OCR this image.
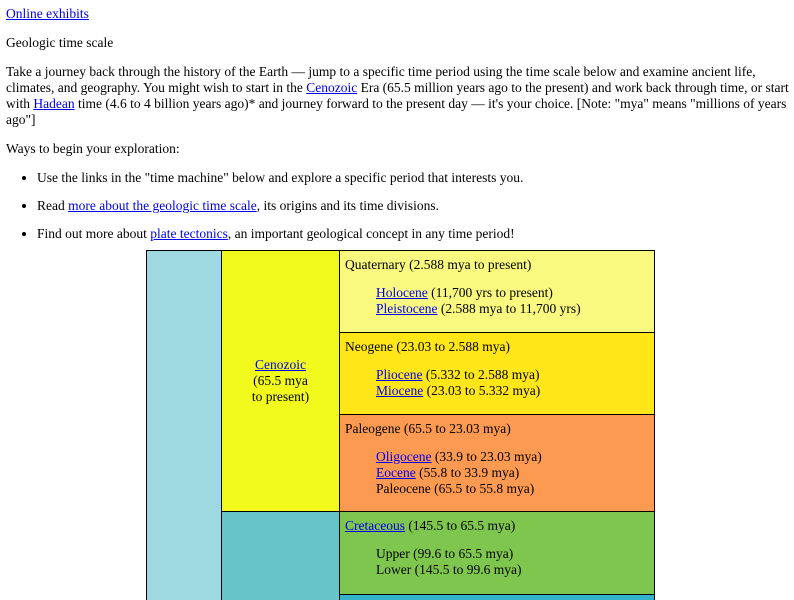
Online exhibits

Geologic time scale

Take a journey back through the history of the Earth — jump to a specific time period using the time scale below and examine ancient life, climates, and geography. You might wish to start in the Cenozoic Era (65.5 million years ago to the present) and work back through time, or start with Hadean time (4.6 to 4 billion years ago)* and journey forward to the present day — it's your choice. [Note: "mya" means "millions of years ago"]

Ways to begin your exploration:

• Use the links in the "time machine" below and explore a specific period that interests you.
• Read more about the geologic time scale, its origins and its time divisions.
• Find out more about plate tectonics, an important geological concept in any time period!
Cenozoic
(65.5 mya
to present)
Quaternary (2.588 mya to present)
Holocene (11,700 yrs to present)
Pleistocene (2.588 mya to 11,700 yrs)
Neogene (23.03 to 2.588 mya)
Pliocene (5.332 to 2.588 mya)
Miocene (23.03 to 5.332 mya)
Paleogene (65.5 to 23.03 mya)
Oligocene (33.9 to 23.03 mya)
Eocene (55.8 to 33.9 mya)
Paleocene (65.5 to 55.8 mya)
Cretaceous (145.5 to 65.5 mya)
Upper (99.6 to 65.5 mya)
Lower (145.5 to 99.6 mya)
